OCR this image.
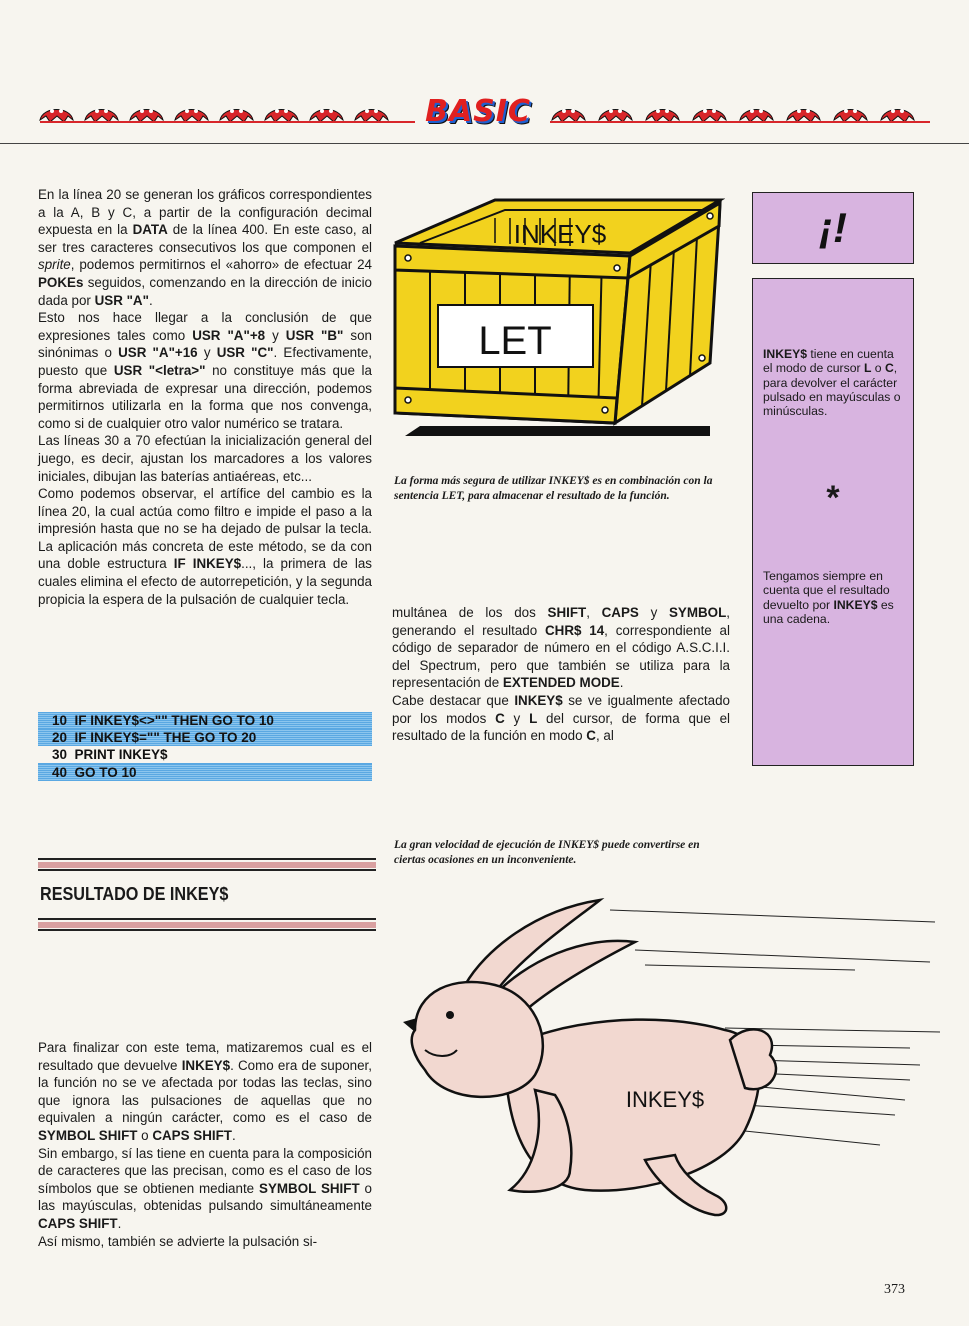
BASIC

En la línea 20 se generan los gráficos correspondientes a la A, B y C, a partir de la configuración decimal expuesta en la DATA de la línea 400. En este caso, al ser tres caracteres consecutivos los que componen el sprite, podemos permitirnos el «ahorro» de efectuar 24 POKEs seguidos, comenzando en la dirección de inicio dada por USR "A".

Esto nos hace llegar a la conclusión de que expresiones tales como USR "A"+8 y USR "B" son sinónimas o USR "A"+16 y USR "C". Efectivamente, puesto que USR "<letra>" no constituye más que la forma abreviada de expresar una dirección, podemos permitirnos utilizarla en la forma que nos convenga, como si de cualquier otro valor numérico se tratara.

Las líneas 30 a 70 efectúan la inicialización general del juego, es decir, ajustan los marcadores a los valores iniciales, dibujan las baterías antiaéreas, etc...

Como podemos observar, el artífice del cambio es la línea 20, la cual actúa como filtro e impide el paso a la impresión hasta que no se ha dejado de pulsar la tecla. La aplicación más concreta de este método, se da con una doble estructura IF INKEY$..., la primera de las cuales elimina el efecto de autorrepetición, y la segunda propicia la espera de la pulsación de cualquier tecla.

10  IF INKEY$<>"" THEN GO TO 10
20  IF INKEY$="" THE GO TO 20
30  PRINT INKEY$
40  GO TO 10
RESULTADO DE INKEY$

Para finalizar con este tema, matizaremos cual es el resultado que devuelve INKEY$. Como era de suponer, la función no se ve afectada por todas las teclas, sino que ignora las pulsaciones de aquellas que no equivalen a ningún carácter, como es el caso de SYMBOL SHIFT o CAPS SHIFT.

Sin embargo, sí las tiene en cuenta para la composición de caracteres que las precisan, como es el caso de los símbolos que se obtienen mediante SYMBOL SHIFT o las mayúsculas, obtenidas pulsando simultáneamente CAPS SHIFT.

Así mismo, también se advierte la pulsación si-

LET
INKEY$
La forma más segura de utilizar INKEY$ es en combinación con la sentencia LET, para almacenar el resultado de la función.

multánea de los dos SHIFT, CAPS y SYMBOL, generando el resultado CHR$ 14, correspondiente al código de separador de número en el código A.S.C.I.I. del Spectrum, pero que también se utiliza para la representación de EXTENDED MODE.

Cabe destacar que INKEY$ se ve igualmente afectado por los modos C y L del cursor, de forma que el resultado de la función en modo C, al

La gran velocidad de ejecución de INKEY$ puede convertirse en ciertas ocasiones en un inconveniente.
INKEY$
¡!
INKEY$ tiene en cuenta el modo de cursor L o C, para devolver el carácter pulsado en mayúsculas o minúsculas.
*
Tengamos siempre en cuenta que el resultado devuelto por INKEY$ es una cadena.
373
